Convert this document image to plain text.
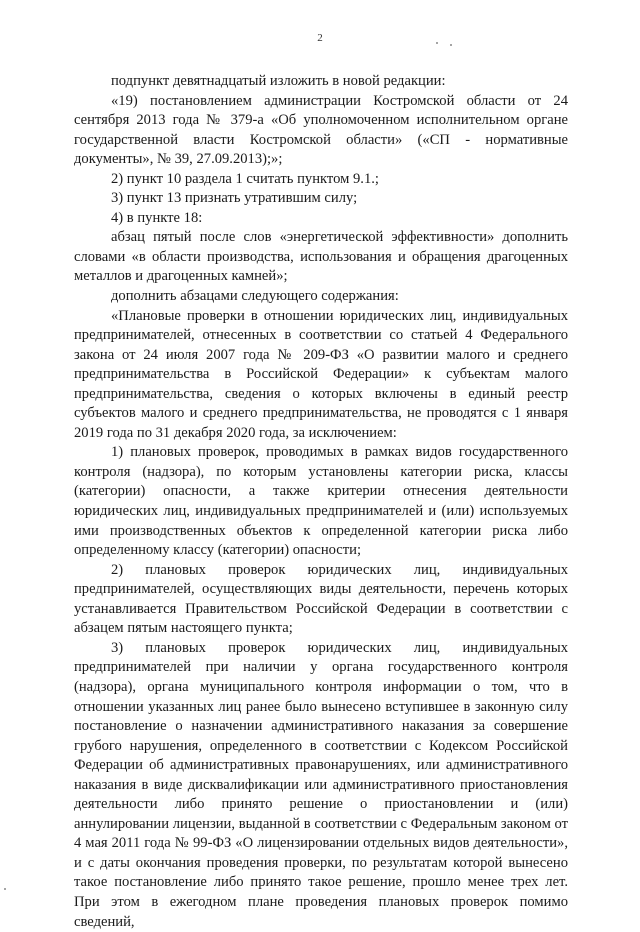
2

подпункт девятнадцатый изложить в новой редакции:

«19) постановлением администрации Костромской области от 24 сентября 2013 года № 379-а «Об уполномоченном исполнительном органе государственной власти Костромской области» («СП - нормативные документы», № 39, 27.09.2013);»;

2) пункт 10 раздела 1 считать пунктом 9.1.;

3) пункт 13 признать утратившим силу;

4) в пункте 18:

абзац пятый после слов «энергетической эффективности» дополнить словами «в области производства, использования и обращения драгоценных металлов и драгоценных камней»;

дополнить абзацами следующего содержания:

«Плановые проверки в отношении юридических лиц, индивидуальных предпринимателей, отнесенных в соответствии со статьей 4 Федерального закона от 24 июля 2007 года № 209-ФЗ «О развитии малого и среднего предпринимательства в Российской Федерации» к субъектам малого предпринимательства, сведения о которых включены в единый реестр субъектов малого и среднего предпринимательства, не проводятся с 1 января 2019 года по 31 декабря 2020 года, за исключением:

1) плановых проверок, проводимых в рамках видов государственного контроля (надзора), по которым установлены категории риска, классы (категории) опасности, а также критерии отнесения деятельности юридических лиц, индивидуальных предпринимателей и (или) используемых ими производственных объектов к определенной категории риска либо определенному классу (категории) опасности;

2) плановых проверок юридических лиц, индивидуальных предпринимателей, осуществляющих виды деятельности, перечень которых устанавливается Правительством Российской Федерации в соответствии с абзацем пятым настоящего пункта;

3) плановых проверок юридических лиц, индивидуальных предпринимателей при наличии у органа государственного контроля (надзора), органа муниципального контроля информации о том, что в отношении указанных лиц ранее было вынесено вступившее в законную силу постановление о назначении административного наказания за совершение грубого нарушения, определенного в соответствии с Кодексом Российской Федерации об административных правонарушениях, или административного наказания в виде дисквалификации или административного приостановления деятельности либо принято решение о приостановлении и (или) аннулировании лицензии, выданной в соответствии с Федеральным законом от 4 мая 2011 года № 99-ФЗ «О лицензировании отдельных видов деятельности», и с даты окончания проведения проверки, по результатам которой вынесено такое постановление либо принято такое решение, прошло менее трех лет. При этом в ежегодном плане проведения плановых проверок помимо сведений,
